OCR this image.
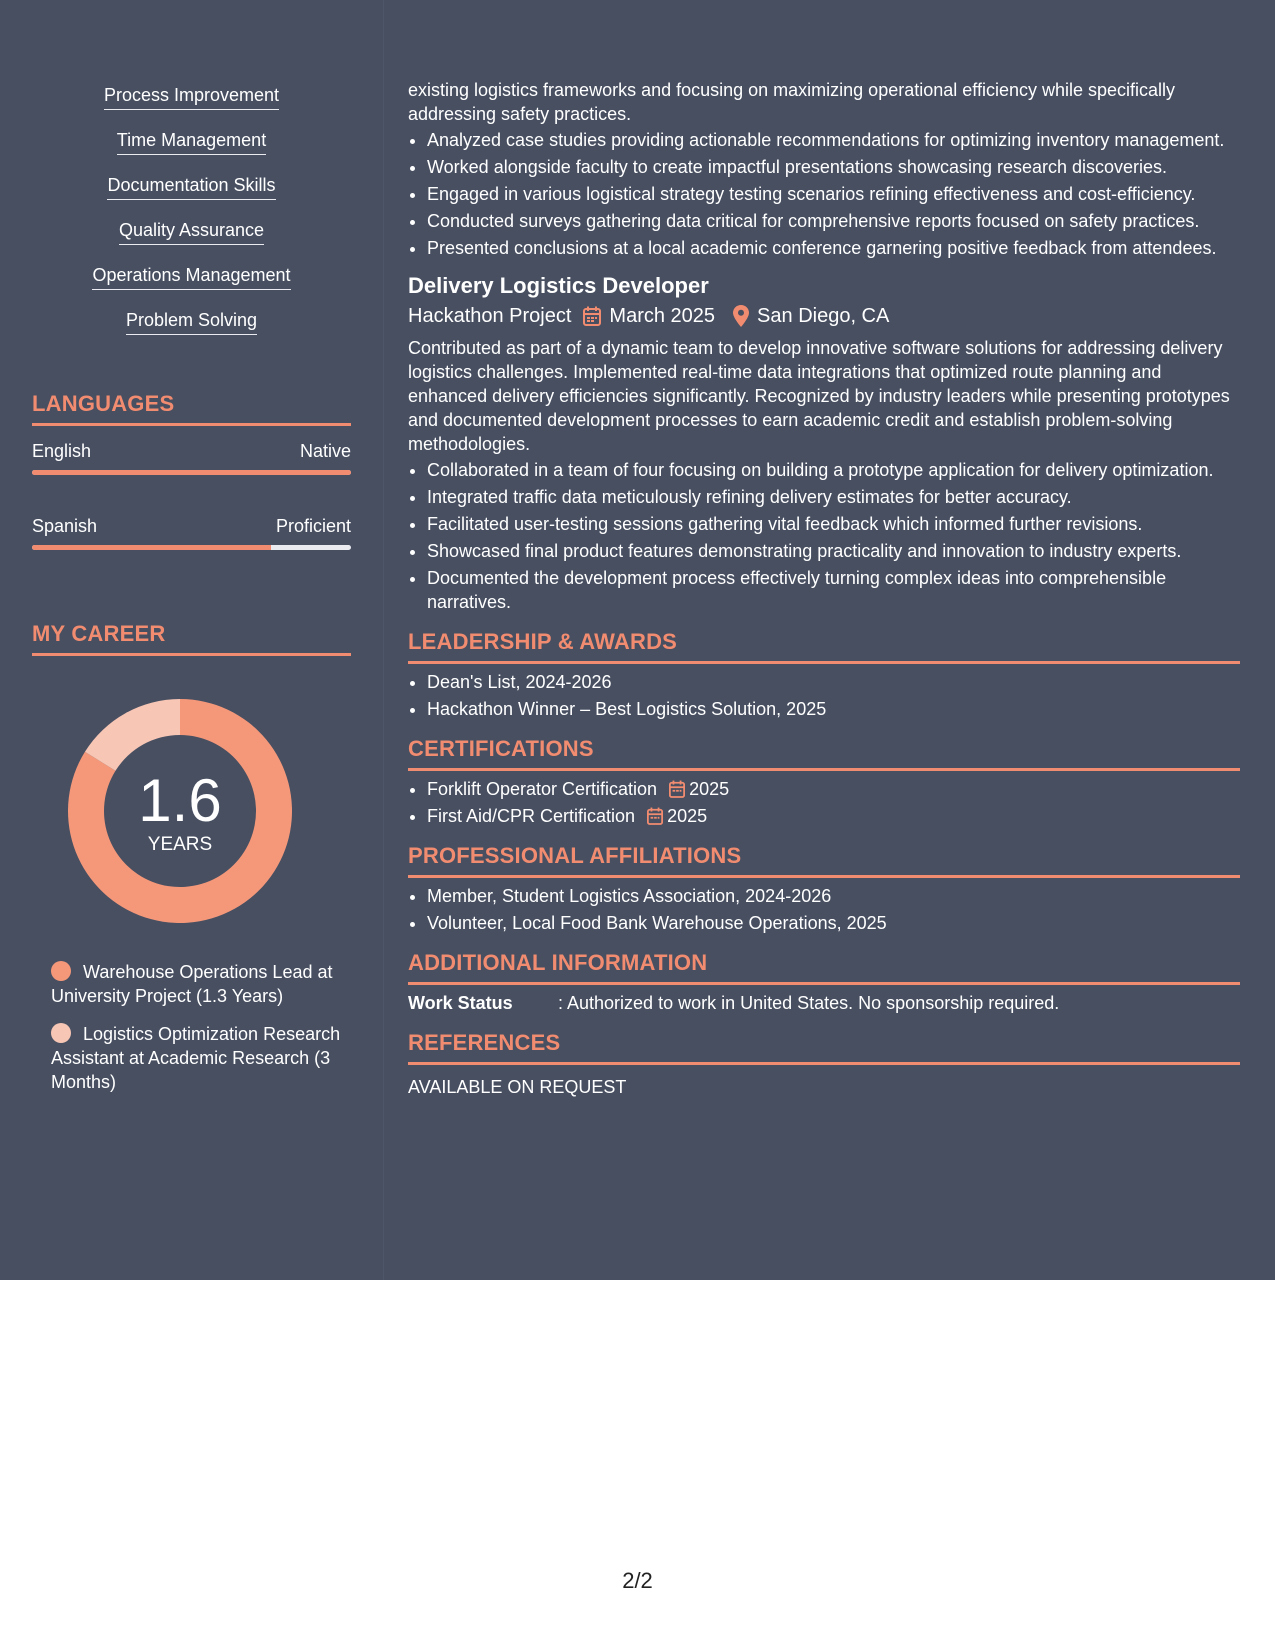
Process Improvement
Time Management
Documentation Skills
Quality Assurance
Operations Management
Problem Solving
LANGUAGES
English	Native
Spanish	Proficient
MY CAREER
1.6
YEARS
Warehouse Operations Lead at University Project (1.3 Years)
Logistics Optimization Research Assistant at Academic Research (3 Months)

existing logistics frameworks and focusing on maximizing operational efficiency while specifically addressing safety practices.

• Analyzed case studies providing actionable recommendations for optimizing inventory management.
• Worked alongside faculty to create impactful presentations showcasing research discoveries.
• Engaged in various logistical strategy testing scenarios refining effectiveness and cost-efficiency.
• Conducted surveys gathering data critical for comprehensive reports focused on safety practices.
• Presented conclusions at a local academic conference garnering positive feedback from attendees.
Delivery Logistics Developer
Hackathon Project March 2025 San Diego, CA

Contributed as part of a dynamic team to develop innovative software solutions for addressing delivery logistics challenges. Implemented real-time data integrations that optimized route planning and enhanced delivery efficiencies significantly. Recognized by industry leaders while presenting prototypes and documented development processes to earn academic credit and establish problem-solving methodologies.

• Collaborated in a team of four focusing on building a prototype application for delivery optimization.
• Integrated traffic data meticulously refining delivery estimates for better accuracy.
• Facilitated user-testing sessions gathering vital feedback which informed further revisions.
• Showcased final product features demonstrating practicality and innovation to industry experts.
• Documented the development process effectively turning complex ideas into comprehensible narratives.
LEADERSHIP & AWARDS
• Dean's List, 2024-2026
• Hackathon Winner – Best Logistics Solution, 2025
CERTIFICATIONS
• Forklift Operator Certification 2025
• First Aid/CPR Certification 2025
PROFESSIONAL AFFILIATIONS
• Member, Student Logistics Association, 2024-2026
• Volunteer, Local Food Bank Warehouse Operations, 2025
ADDITIONAL INFORMATION
Work Status	: Authorized to work in United States. No sponsorship required.
REFERENCES

AVAILABLE ON REQUEST

2/2
